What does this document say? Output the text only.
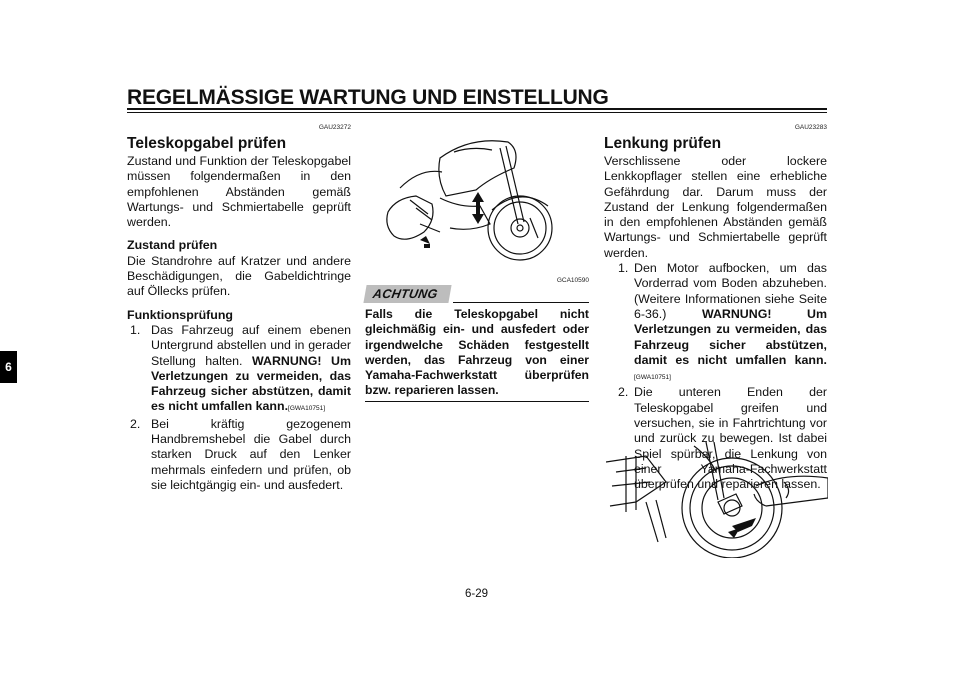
REGELMÄSSIGE WARTUNG UND EINSTELLUNG
6
GAU23272
Teleskopgabel prüfen

Zustand und Funktion der Teleskopgabel müssen folgendermaßen in den empfohlenen Abständen gemäß Wartungs- und Schmiertabelle geprüft werden.

Zustand prüfen

Die Standrohre auf Kratzer und andere Beschädigungen, die Gabeldichtringe auf Öllecks prüfen.

Funktionsprüfung
1. Das Fahrzeug auf einem ebenen Untergrund abstellen und in gerader Stellung halten. WARNUNG! Um Verletzungen zu vermeiden, das Fahrzeug sicher abstützen, damit es nicht umfallen kann.[GWA10751]
2. Bei kräftig gezogenem Handbremshebel die Gabel durch starken Druck auf den Lenker mehrmals einfedern und prüfen, ob sie leichtgängig ein- und ausfedert.
GCA10590
ACHTUNG
Falls die Teleskopgabel nicht gleichmäßig ein- und ausfedert oder irgendwelche Schäden festgestellt werden, das Fahrzeug von einer Yamaha-Fachwerkstatt überprüfen bzw. reparieren lassen.
GAU23283
Lenkung prüfen

Verschlissene oder lockere Lenkkopflager stellen eine erhebliche Gefährdung dar. Darum muss der Zustand der Lenkung folgendermaßen in den empfohlenen Abständen gemäß Wartungs- und Schmiertabelle geprüft werden.

1. Den Motor aufbocken, um das Vorderrad vom Boden abzuheben. (Weitere Informationen siehe Seite 6-36.)	WARNUNG! Um Verletzungen zu vermeiden, das Fahrzeug sicher abstützen, damit es nicht umfallen kann.[GWA10751]
2. Die unteren Enden der Teleskopgabel greifen und versuchen, sie in Fahrtrichtung vor und zurück zu bewegen. Ist dabei Spiel spürbar, die Lenkung von einer Yamaha-Fachwerkstatt überprüfen und reparieren lassen.
6-29
